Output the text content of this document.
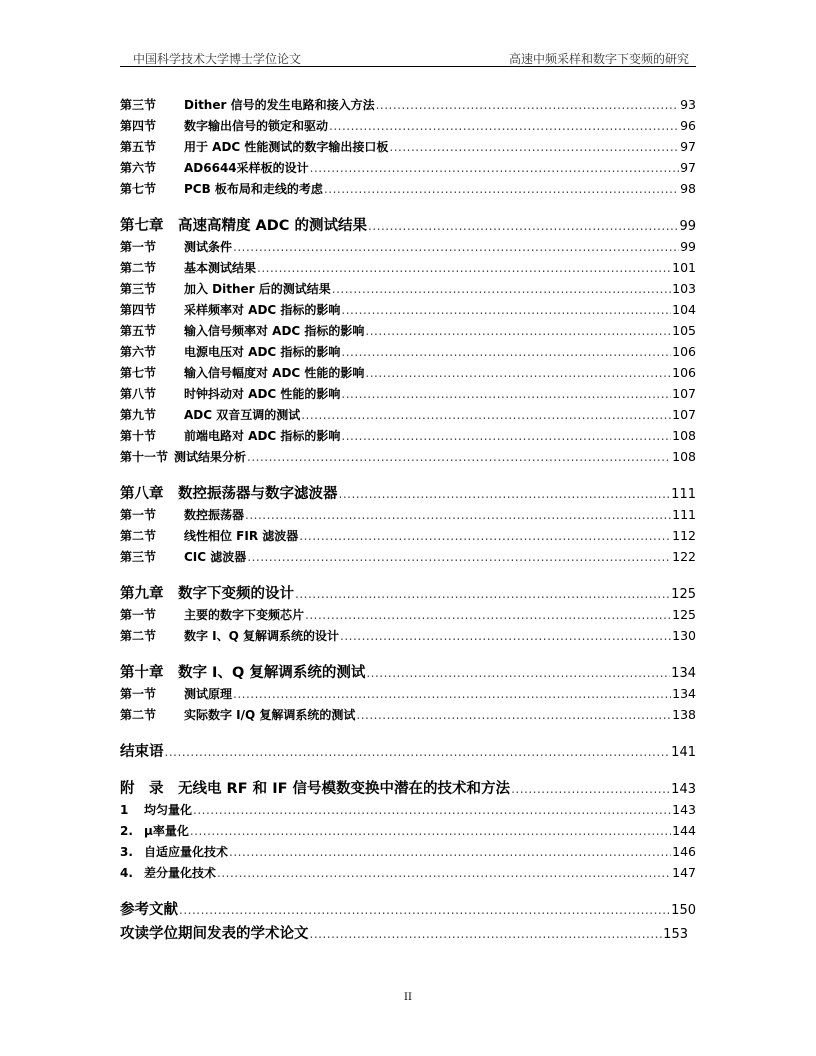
中国科学技术大学博士学位论文	高速中频采样和数字下变频的研究
第三节	Dither 信号的发生电路和接入方法 .....	93
第四节	数字输出信号的锁定和驱动 .....	96
第五节	用于 ADC 性能测试的数字输出接口板 .....	97
第六节	AD6644采样板的设计 .....	97
第七节	PCB 板布局和走线的考虑 .....	98
第七章	高速高精度 ADC 的测试结果 .....	99
第一节	测试条件 .....	99
第二节	基本测试结果 .....	101
第三节	加入 Dither 后的测试结果 .....	103
第四节	采样频率对 ADC 指标的影响 .....	104
第五节	输入信号频率对 ADC 指标的影响 .....	105
第六节	电源电压对 ADC 指标的影响 .....	106
第七节	输入信号幅度对 ADC 性能的影响 .....	106
第八节	时钟抖动对 ADC 性能的影响 .....	107
第九节	ADC 双音互调的测试 .....	107
第十节	前端电路对 ADC 指标的影响 .....	108
第十一节 测试结果分析 .....	108
第八章	数控振荡器与数字滤波器 .....	111
第一节	数控振荡器 .....	111
第二节	线性相位 FIR 滤波器 .....	112
第三节	CIC 滤波器 .....	122
第九章	数字下变频的设计 .....	125
第一节	主要的数字下变频芯片 .....	125
第二节	数字 I、Q 复解调系统的设计 .....	130
第十章	数字 I、Q 复解调系统的测试 .....	134
第一节	测试原理 .....	134
第二节	实际数字 I/Q 复解调系统的测试 .....	138
结束语 .....	141
附　录	无线电 RF 和 IF 信号模数变换中潜在的技术和方法 .....	143
1	均匀量化 .....	143
2. μ率量化 .....	144
3. 自适应量化技术 .....	146
4. 差分量化技术 .....	147
参考文献 .....	150
攻读学位期间发表的学术论文 .....	153
II
